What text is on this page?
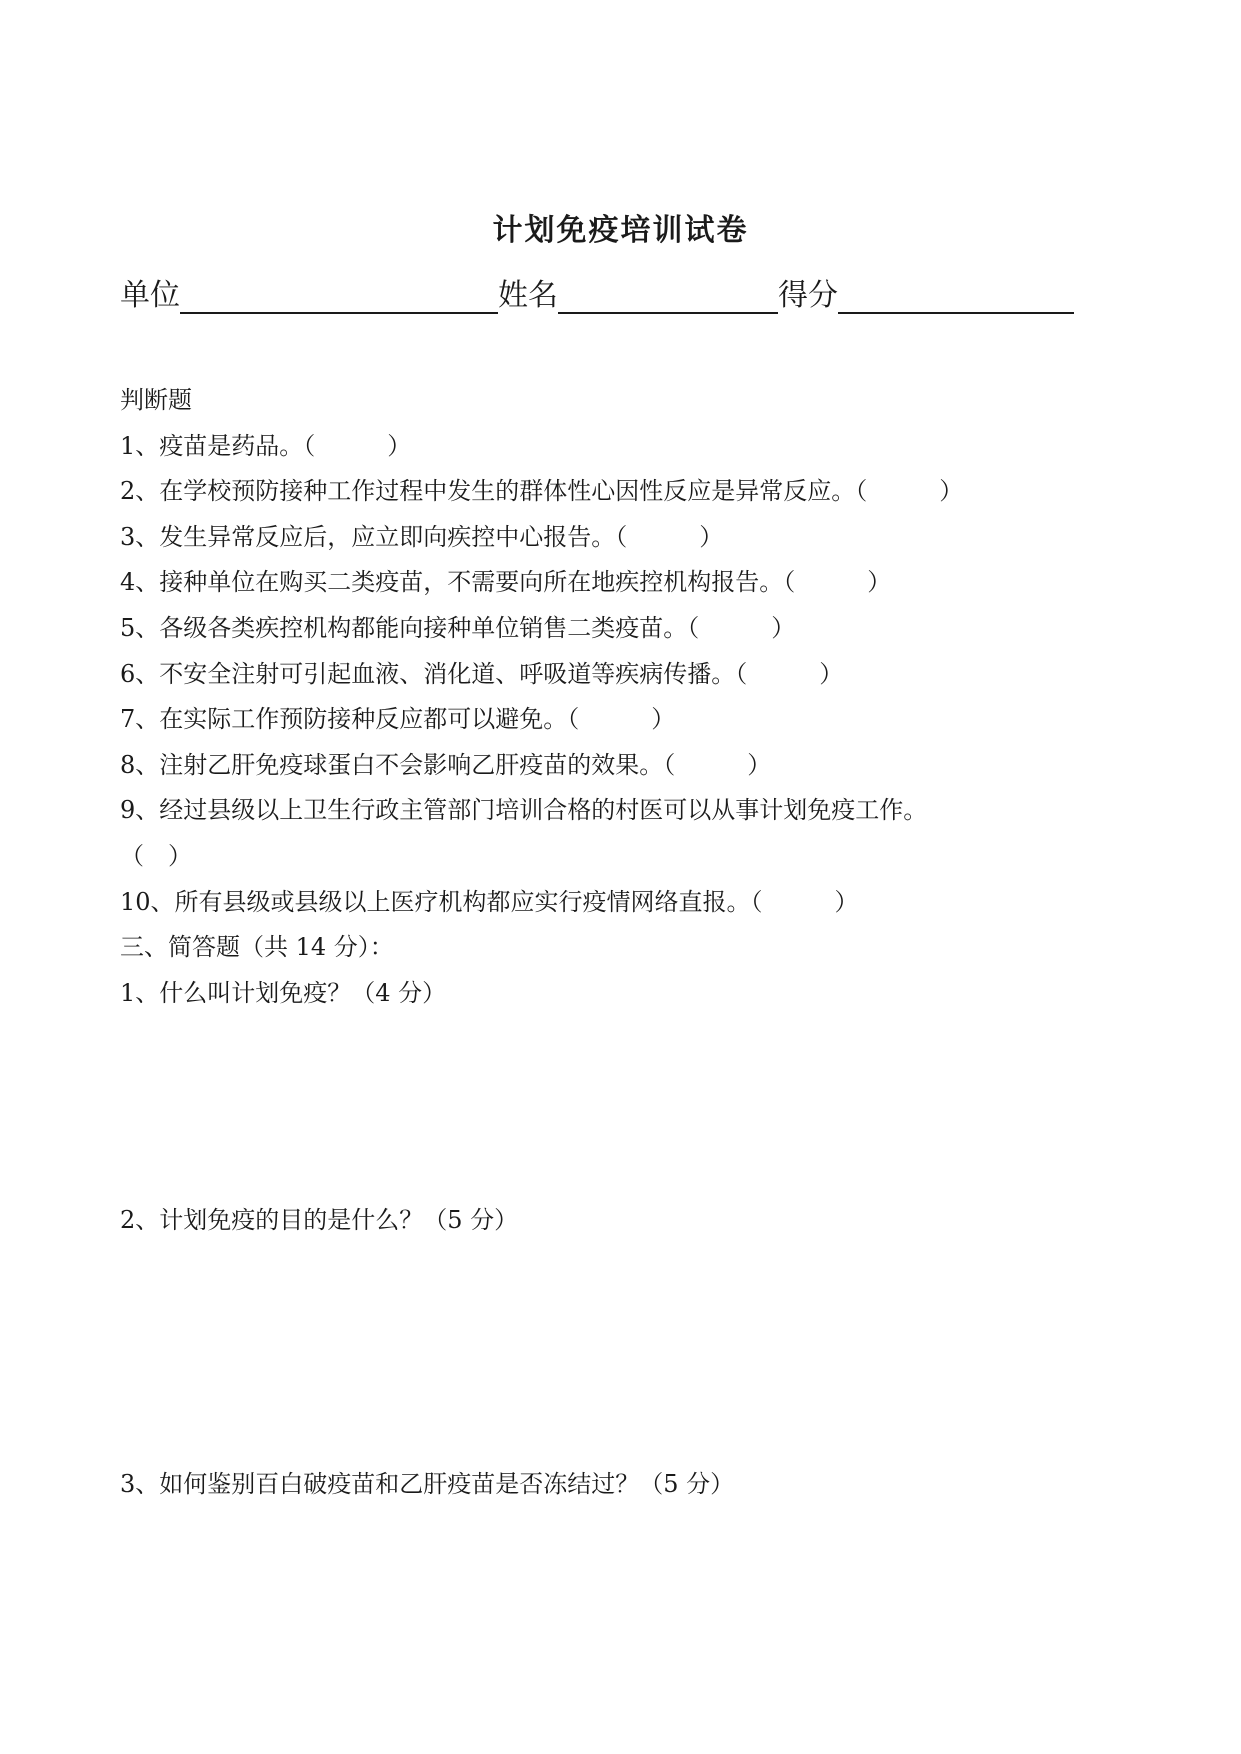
计划免疫培训试卷
单位	姓名	得分
判断题
1、疫苗是药品。（　　　）
2、在学校预防接种工作过程中发生的群体性心因性反应是异常反应。（　　　）
3、发生异常反应后，应立即向疾控中心报告。（　　　）
4、接种单位在购买二类疫苗，不需要向所在地疾控机构报告。（　　　）
5、各级各类疾控机构都能向接种单位销售二类疫苗。（　　　）
6、不安全注射可引起血液、消化道、呼吸道等疾病传播。（　　　）
7、在实际工作预防接种反应都可以避免。（　　　）
8、注射乙肝免疫球蛋白不会影响乙肝疫苗的效果。（　　　）
9、经过县级以上卫生行政主管部门培训合格的村医可以从事计划免疫工作。
（　）
10、所有县级或县级以上医疗机构都应实行疫情网络直报。（　　　）
三、简答题（共 14 分）：
1、什么叫计划免疫？（4 分）
2、计划免疫的目的是什么？（5 分）
3、如何鉴别百白破疫苗和乙肝疫苗是否冻结过？（5 分）
